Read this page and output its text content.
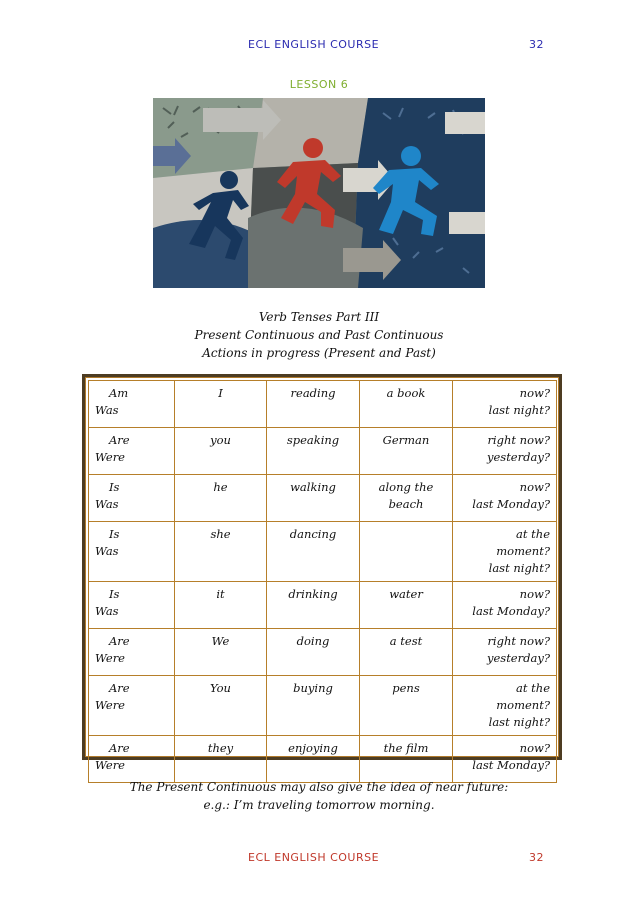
ECL ENGLISH COURSE	32
LESSON 6
Verb Tenses Part III
Present Continuous and Past Continuous
Actions in progress (Present and Past)
Am
Was	I	reading	a book	now?
last night?

Are
Were	you	speaking	German	right now?
yesterday?

Is
Was	he	walking	along the beach	now?
last Monday?

Is
Was	she	dancing		at the moment?
last night?

Is
Was	it	drinking	water	now?
last Monday?

Are
Were	We	doing	a test	right now?
yesterday?

Are
Were	You	buying	pens	at the moment?
last night?

Are
Were	they	enjoying	the film	now?
last Monday?
The Present Continuous may also give the idea of near future:
e.g.: I’m traveling tomorrow morning.
ECL ENGLISH COURSE	32
